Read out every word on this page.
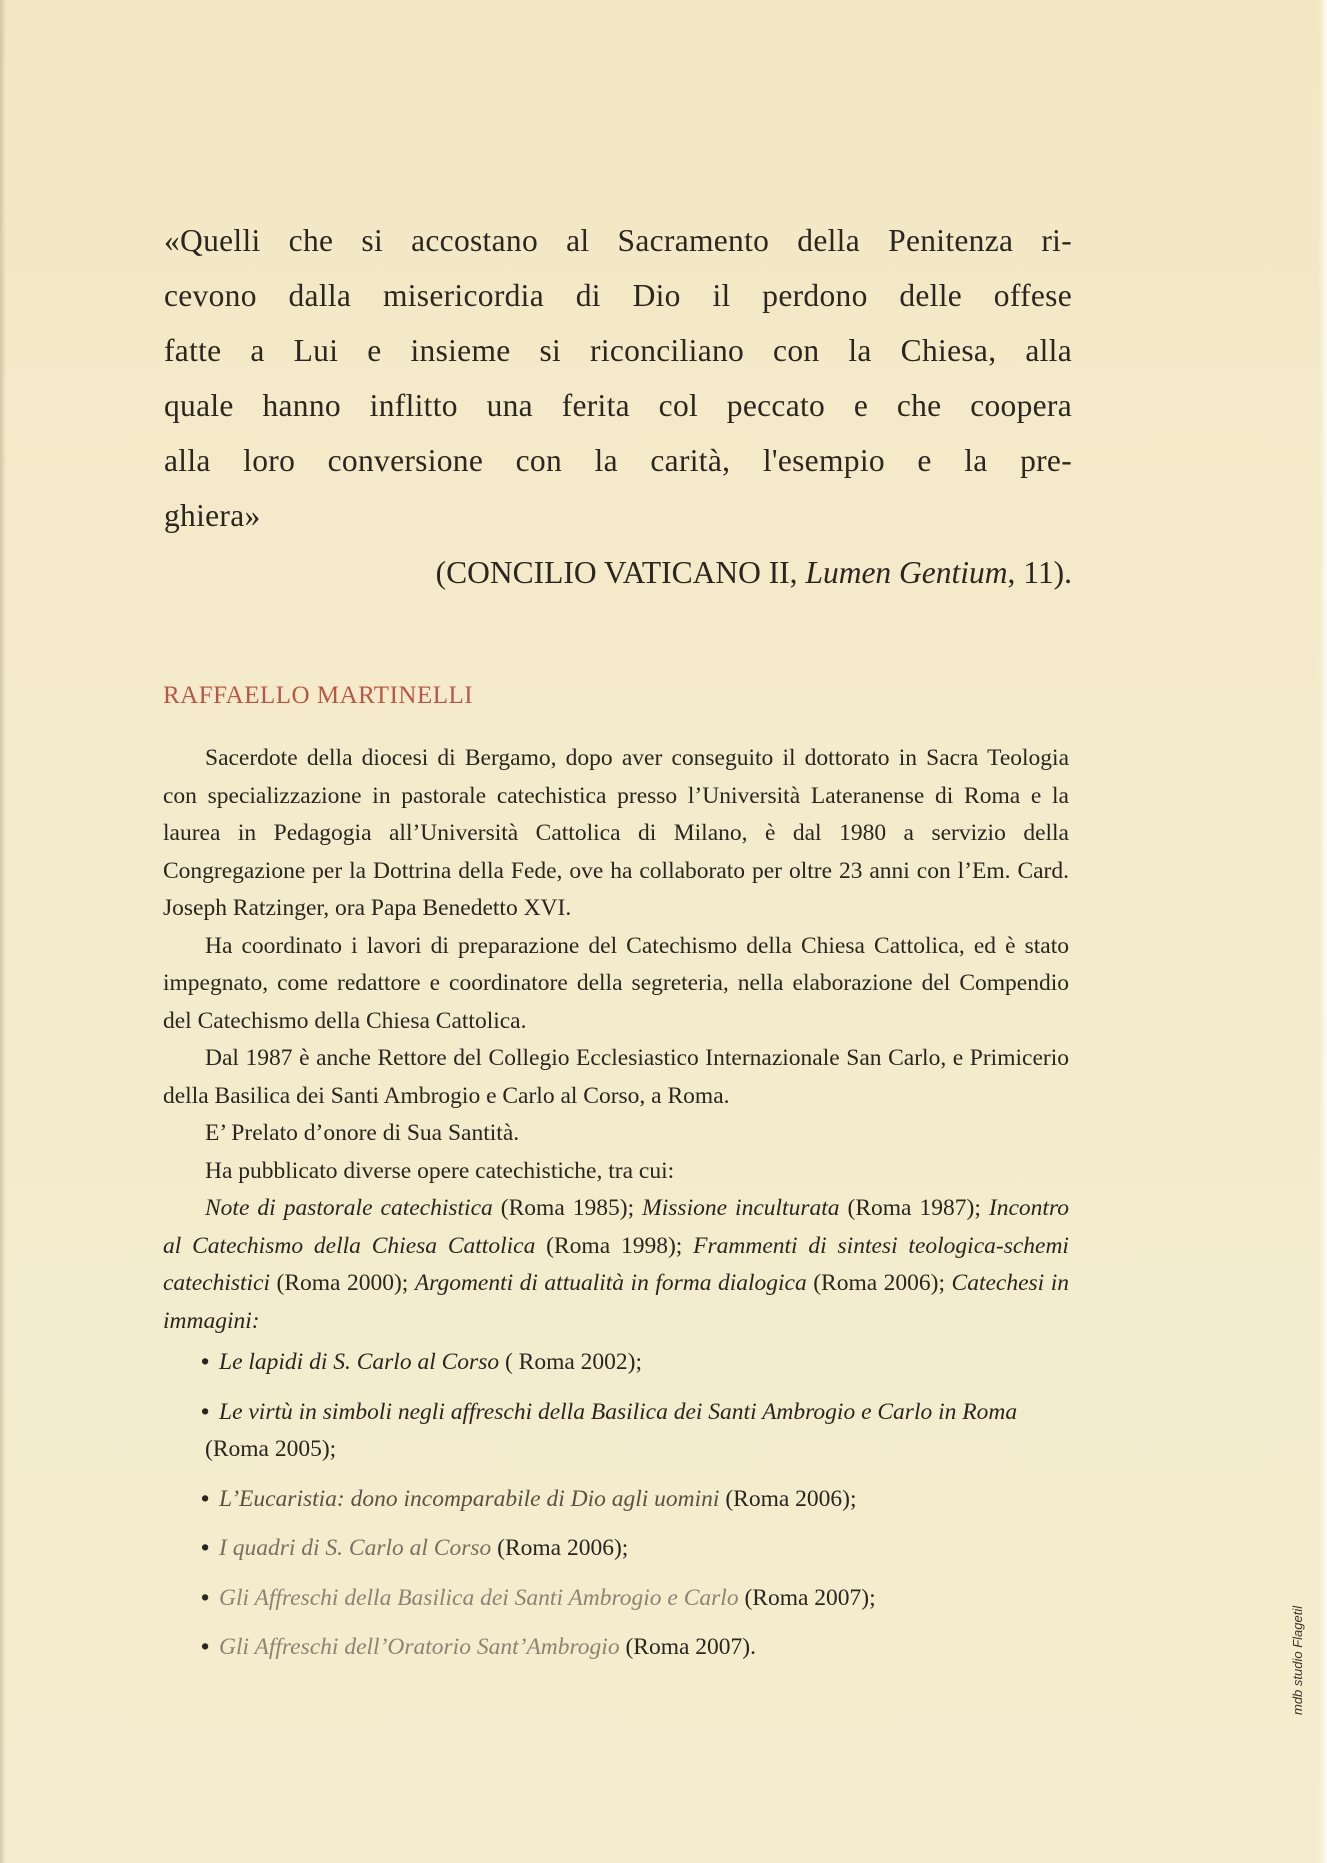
«Quelli che si accostano al Sacramento della Penitenza ri-
cevono dalla misericordia di Dio il perdono delle offese
fatte a Lui e insieme si riconciliano con la Chiesa, alla
quale hanno inflitto una ferita col peccato e che coopera
alla loro conversione con la carità, l'esempio e la pre-
ghiera»
(CONCILIO VATICANO II, Lumen Gentium, 11).
RAFFAELLO MARTINELLI

Sacerdote della diocesi di Bergamo, dopo aver conseguito il dottorato in Sacra Teologia con specializzazione in pastorale catechistica presso l’Università Lateranense di Roma e la laurea in Pedagogia all’Università Cattolica di Milano, è dal 1980 a servizio della Congregazione per la Dottrina della Fede, ove ha collaborato per oltre 23 anni con l’Em. Card. Joseph Ratzinger, ora Papa Benedetto XVI.

Ha coordinato i lavori di preparazione del Catechismo della Chiesa Cattolica, ed è stato impegnato, come redattore e coordinatore della segreteria, nella elaborazione del Compendio del Catechismo della Chiesa Cattolica.

Dal 1987 è anche Rettore del Collegio Ecclesiastico Internazionale San Carlo, e Primicerio della Basilica dei Santi Ambrogio e Carlo al Corso, a Roma.

E’ Prelato d’onore di Sua Santità.

Ha pubblicato diverse opere catechistiche, tra cui:

Note di pastorale catechistica (Roma 1985); Missione inculturata (Roma 1987); Incontro al Catechismo della Chiesa Cattolica (Roma 1998); Frammenti di sintesi teologica-schemi catechistici (Roma 2000); Argomenti di attualità in forma dialogica (Roma 2006); Catechesi in immagini:

• Le lapidi di S. Carlo al Corso ( Roma 2002);
• Le virtù in simboli negli affreschi della Basilica dei Santi Ambrogio e Carlo in Roma (Roma 2005);
• L’Eucaristia: dono incomparabile di Dio agli uomini (Roma 2006);
• I quadri di S. Carlo al Corso (Roma 2006);
• Gli Affreschi della Basilica dei Santi Ambrogio e Carlo (Roma 2007);
• Gli Affreschi dell’Oratorio Sant’Ambrogio (Roma 2007).	mdb studio Flagetil
